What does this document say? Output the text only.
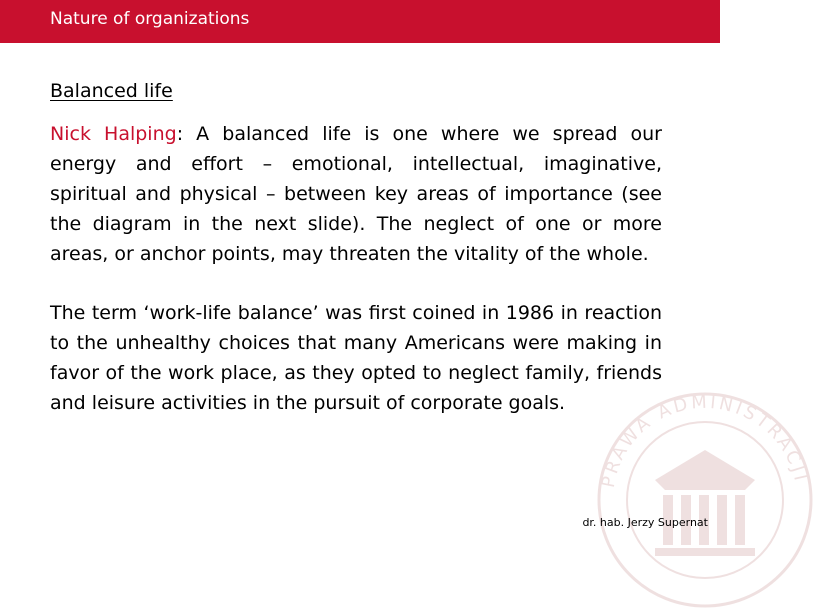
Nature of organizations
Balanced life

Nick Halping: A balanced life is one where we spread our energy and effort – emotional, intellectual, imaginative, spiritual and physical – between key areas of importance (see the diagram in the next slide). The neglect of one or more areas, or anchor points, may threaten the vitality of the whole.

The term ‘work-life balance’ was first coined in 1986 in reaction to the unhealthy choices that many Americans were making in favor of the work place, as they opted to neglect family, friends and leisure activities in the pursuit of corporate goals.

PRAWA ADMINISTRACJI
dr. hab. Jerzy Supernat
